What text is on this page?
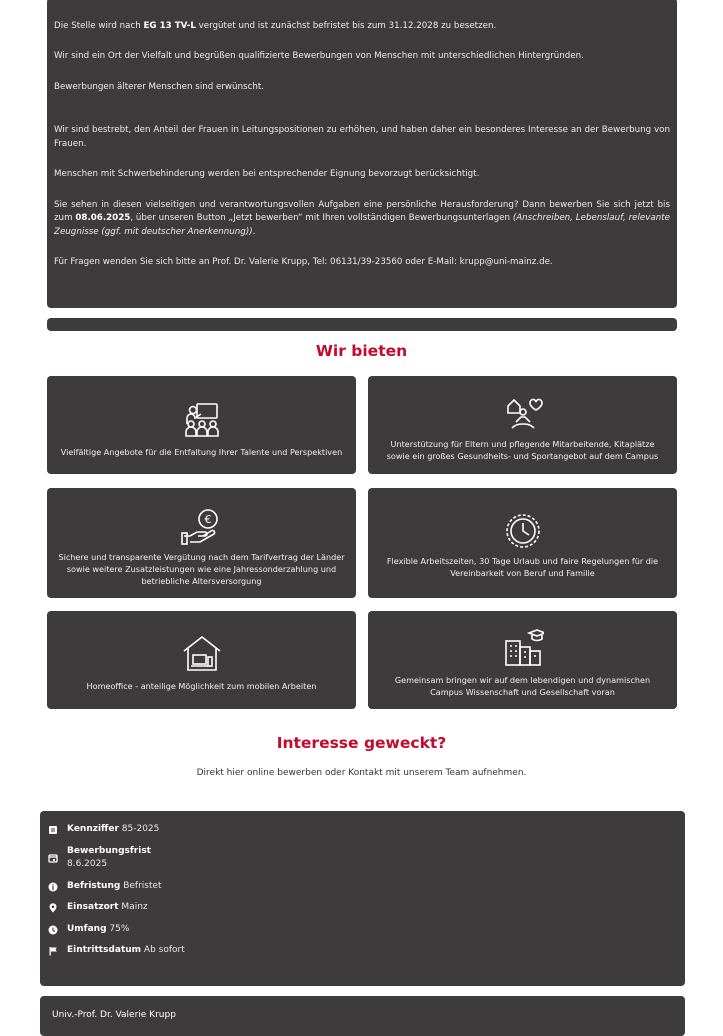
Die Stelle wird nach EG 13 TV-L vergütet und ist zunächst befristet bis zum 31.12.2028 zu besetzen.

Wir sind ein Ort der Vielfalt und begrüßen qualifizierte Bewerbungen von Menschen mit unterschiedlichen Hintergründen.

Bewerbungen älterer Menschen sind erwünscht.

Wir sind bestrebt, den Anteil der Frauen in Leitungspositionen zu erhöhen, und haben daher ein besonderes Interesse an der Bewerbung von Frauen.

Menschen mit Schwerbehinderung werden bei entsprechender Eignung bevorzugt berücksichtigt.

Sie sehen in diesen vielseitigen und verantwortungsvollen Aufgaben eine persönliche Herausforderung? Dann bewerben Sie sich jetzt bis zum 08.06.2025, über unseren Button „Jetzt bewerben“ mit Ihren vollständigen Bewerbungsunterlagen (Anschreiben, Lebenslauf, relevante Zeugnisse (ggf. mit deutscher Anerkennung)).

Für Fragen wenden Sie sich bitte an Prof. Dr. Valerie Krupp, Tel: 06131/39-23560 oder E-Mail: krupp@uni-mainz.de.

Wir bieten
Vielfältige Angebote für die Entfaltung Ihrer Talente und Perspektiven
Unterstützung für Eltern und pflegende Mitarbeitende, Kitaplätze sowie ein großes Gesundheits- und Sportangebot auf dem Campus
€
Sichere und transparente Vergütung nach dem Tarifvertrag der Länder sowie weitere Zusatzleistungen wie eine Jahressonderzahlung und betriebliche Altersversorgung
Flexible Arbeitszeiten, 30 Tage Urlaub und faire Regelungen für die Vereinbarkeit von Beruf und Familie
Homeoffice - anteilige Möglichkeit zum mobilen Arbeiten
Gemeinsam bringen wir auf dem lebendigen und dynamischen Campus Wissenschaft und Gesellschaft voran
Interesse geweckt?
Direkt hier online bewerben oder Kontakt mit unserem Team aufnehmen.
Kennziffer 85-2025
Bewerbungsfrist
8.6.2025
Befristung Befristet
Einsatzort Mainz
Umfang 75%
Eintrittsdatum Ab sofort
Univ.-Prof. Dr. Valerie Krupp
